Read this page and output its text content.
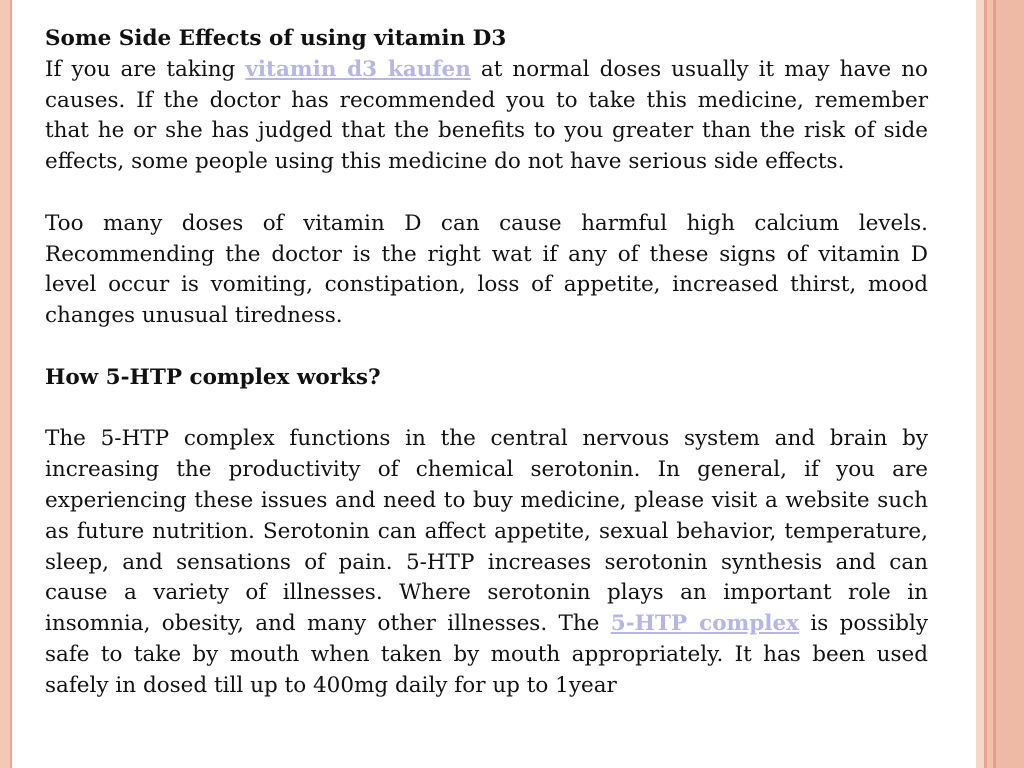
Some Side Effects of using vitamin D3

If you are taking vitamin d3 kaufen at normal doses usually it may have no causes. If the doctor has recommended you to take this medicine, remember that he or she has judged that the benefits to you greater than the risk of side effects, some people using this medicine do not have serious side effects.

Too many doses of vitamin D can cause harmful high calcium levels. Recommending the doctor is the right wat if any of these signs of vitamin D level occur is vomiting, constipation, loss of appetite, increased thirst, mood changes unusual tiredness.

How 5-HTP complex works?

The 5-HTP complex functions in the central nervous system and brain by increasing the productivity of chemical serotonin. In general, if you are experiencing these issues and need to buy medicine, please visit a website such as future nutrition. Serotonin can affect appetite, sexual behavior, temperature, sleep, and sensations of pain. 5-HTP increases serotonin synthesis and can cause a variety of illnesses. Where serotonin plays an important role in insomnia, obesity, and many other illnesses. The 5-HTP complex is possibly safe to take by mouth when taken by mouth appropriately. It has been used safely in dosed till up to 400mg daily for up to 1year
